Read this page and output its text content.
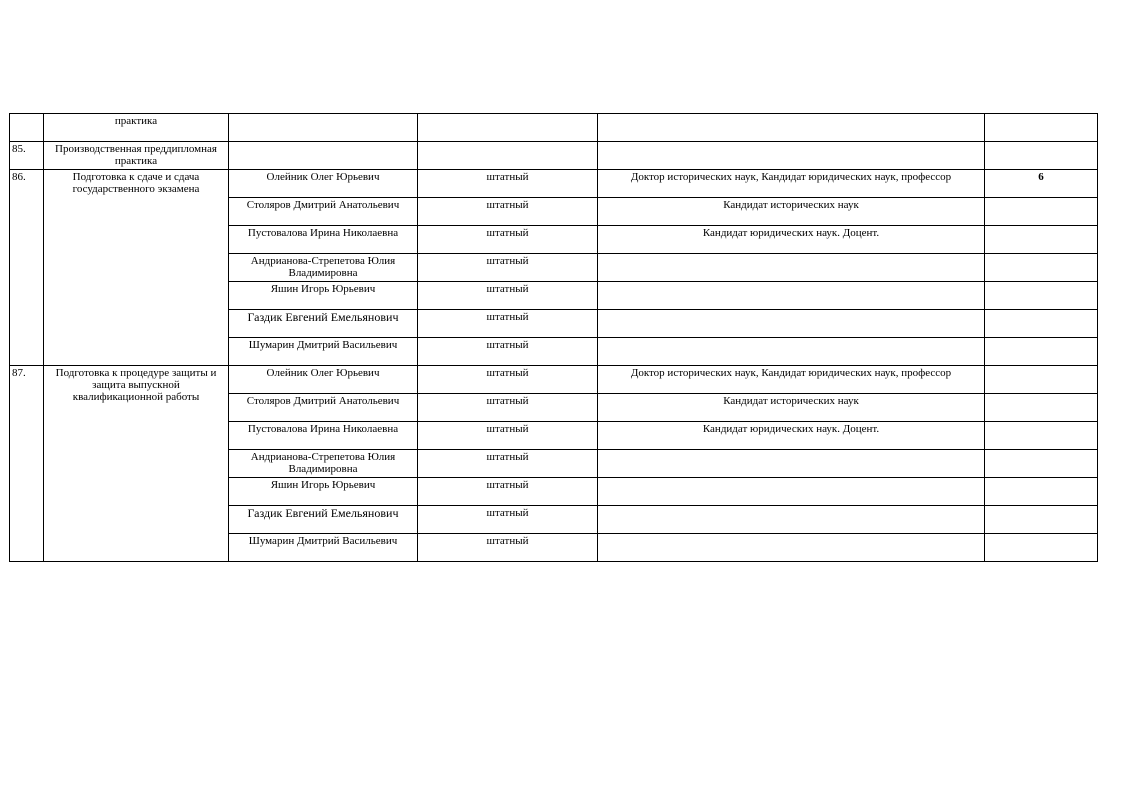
	практика				
85.	Производственная преддипломная практика				
86.	Подготовка к сдаче и сдача государственного экзамена	Олейник Олег Юрьевич	штатный	Доктор исторических наук, Кандидат юридических наук, профессор	6
		Столяров Дмитрий Анатольевич	штатный	Кандидат исторических наук	
		Пустовалова Ирина Николаевна	штатный	Кандидат юридических наук. Доцент.	
		Андрианова-Стрепетова Юлия Владимировна	штатный		
		Яшин Игорь Юрьевич	штатный		
		Газдик Евгений Емельянович	штатный		
		Шумарин Дмитрий Васильевич	штатный		
87.	Подготовка к процедуре защиты и защита выпускной квалификационной работы	Олейник Олег Юрьевич	штатный	Доктор исторических наук, Кандидат юридических наук, профессор	
		Столяров Дмитрий Анатольевич	штатный	Кандидат исторических наук	
		Пустовалова Ирина Николаевна	штатный	Кандидат юридических наук. Доцент.	
		Андрианова-Стрепетова Юлия Владимировна	штатный		
		Яшин Игорь Юрьевич	штатный		
		Газдик Евгений Емельянович	штатный		
		Шумарин Дмитрий Васильевич	штатный		
